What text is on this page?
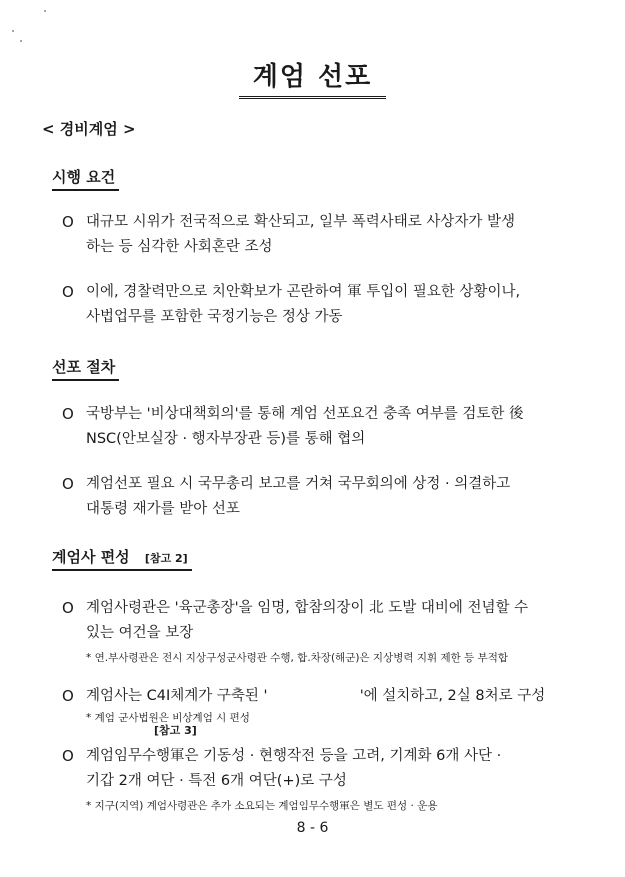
계엄 선포
< 경비계엄 >
시행 요건
O 대규모 시위가 전국적으로 확산되고, 일부 폭력사태로 사상자가 발생
하는 등 심각한 사회혼란 조성
O 이에, 경찰력만으로 치안확보가 곤란하여 軍 투입이 필요한 상황이나,
사법업무를 포함한 국정기능은 정상 가동
선포 절차
O 국방부는 '비상대책회의'를 통해 계엄 선포요건 충족 여부를 검토한 後
NSC(안보실장 · 행자부장관 등)를 통해 협의
O 계엄선포 필요 시 국무총리 보고를 거쳐 국무회의에 상정 · 의결하고
대통령 재가를 받아 선포
계엄사 편성 [참고 2]
O 계엄사령관은 '육군총장'을 임명, 합참의장이 北 도발 대비에 전념할 수
있는 여건을 보장
* 연.부사령관은 전시 지상구성군사령관 수행, 합.차장(해군)은 지상병력 지휘 제한 등 부적합
O 계엄사는 C4I체계가 구축된 '                    '에 설치하고, 2실 8처로 구성
* 계엄 군사법원은 비상계엄 시 편성
[참고 3]
O 계엄임무수행軍은 기동성 · 현행작전 등을 고려, 기계화 6개 사단 ·
기갑 2개 여단 · 특전 6개 여단(+)로 구성
* 지구(지역) 계엄사령관은 추가 소요되는 계엄임무수행軍은 별도 편성 · 운용
8 - 6
